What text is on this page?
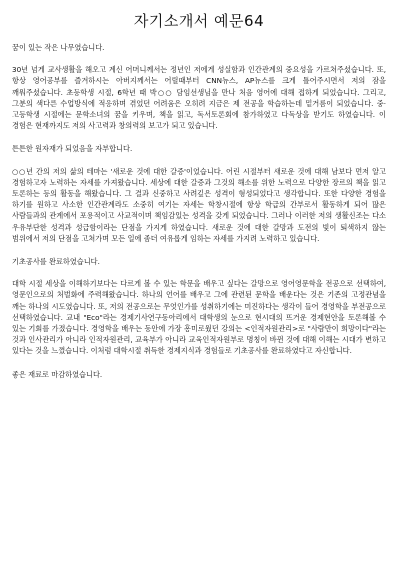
자기소개서 예문64

꿈이 있는 작은 나무였습니다.

30년 넘게 교사생활을 해오고 계신 어머니께서는 정년인 저에게 성실함과 인간관계의 중요성을 가르쳐주셨습니다. 또, 항상 영어공부를 즐겨하시는 아버지께서는 어릴때부터 CNN뉴스, AP뉴스를 크게 틀어주시면서 저의 잠을 깨워주셨습니다. 초등학생 시절, 6학년 때 박○○ 담임선생님을 만나 처음 영어에 대해 접하게 되었습니다. 그리고, 그분의 색다른 수업방식에 적응하며 겪었던 어려움은 오히려 지금은 제 전공을 학습하는데 밑거름이 되었습니다. 중·고등학생 시절에는 문학소녀의 꿈을 키우며, 책을 읽고, 독서토론회에 참가하였고 다독상을 받기도 하였습니다. 이 경험은 현재까지도 저의 사고력과 창의력의 보고가 되고 있습니다.

튼튼한 원자재가 되었음을 자부합니다.

○○년 간의 저의 삶의 테마는 '새로운 것에 대한 갈증'이었습니다. 어린 시절부터 새로운 것에 대해 남보다 먼저 알고 경험하고자 노력하는 자세를 가져왔습니다. 세상에 대한 갈증과 그것의 해소를 위한 노력으로 다양한 장르의 책을 읽고 토론하는 등의 활동을 해왔습니다. 그 결과 신중하고 사려깊은 성격이 형성되었다고 생각합니다. 또한 다양한 경험을 하기를 원하고 사소한 인간관계라도 소중히 여기는 자세는 학창시절에 항상 학급의 간부로서 활동하게 되어 많은 사람들과의 관계에서 포용적이고 사교적이며 책임감있는 성격을 갖게 되었습니다. 그러나 이러한 저의 생활신조는 다소 우유부단한 성격과 성급함이라는 단점을 가지게 하였습니다. 새로운 것에 대한 갈망과 도전의 빛이 퇴색하지 않는 범위에서 저의 단점을 고쳐가며 모든 일에 좀더 여유롭게 임하는 자세를 가지려 노력하고 있습니다.

기초공사를 완료하였습니다.

대학 시절 세상을 이해하기보다는 다르게 볼 수 있는 학문을 배우고 싶다는 갈망으로 영어영문학을 전공으로 선택하여, 영문인으로의 처벌화에 주력해왔습니다. 하나의 언어를 배우고 그에 관련된 문학을 배운다는 것은 기존의 고정관념을 깨는 하나의 시도였습니다. 또, 저의 전공으로는 무엇인가를 성취하기에는 미진하다는 생각이 들어 경영학을 부전공으로 선택하였습니다. 교내 "Eco"라는 경제기사연구동아리에서 대학생의 눈으로 현시대의 뜨거운 경제현안을 토론해볼 수 있는 기회를 가졌습니다. 경영학을 배우는 동안에 가장 흥미로웠던 강의는 <인적자원관리>로 "사람만이 희망이다"라는 것과 인사관리가 아니라 인적자원관리, 교육부가 아니라 교육인적자원부로 명칭이 바뀐 것에 대해 이해는 시대가 변하고 있다는 것을 느꼈습니다. 이처럼 대학시절 취득한 경제지식과 경험들로 기초공사를 완료하였다고 자신합니다.

좋은 재료로 마감하였습니다.
